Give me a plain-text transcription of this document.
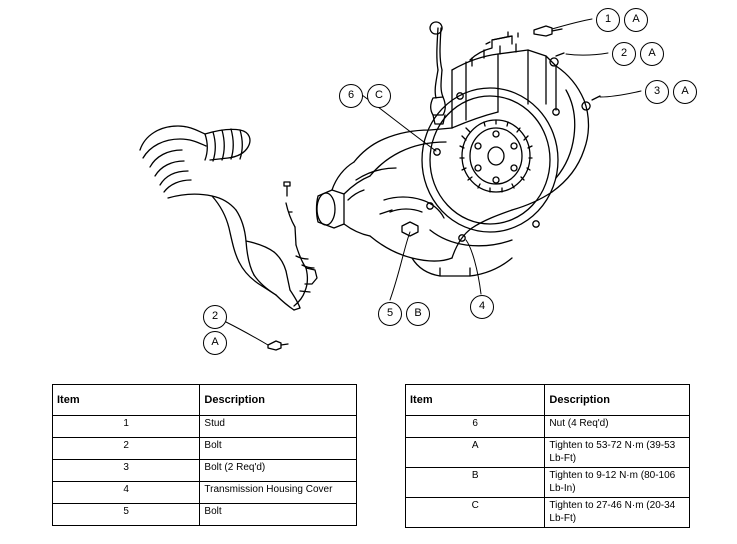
1	A
2	A
3	A
6	C
5	B
4
2
A
Item	Description
1	Stud
2	Bolt
3	Bolt (2 Req'd)
4	Transmission Housing Cover
5	Bolt
Item	Description
6	Nut (4 Req'd)
A	Tighten to 53-72 N·m (39-53 Lb-Ft)
B	Tighten to 9-12 N·m (80-106 Lb-In)
C	Tighten to 27-46 N·m (20-34 Lb-Ft)
